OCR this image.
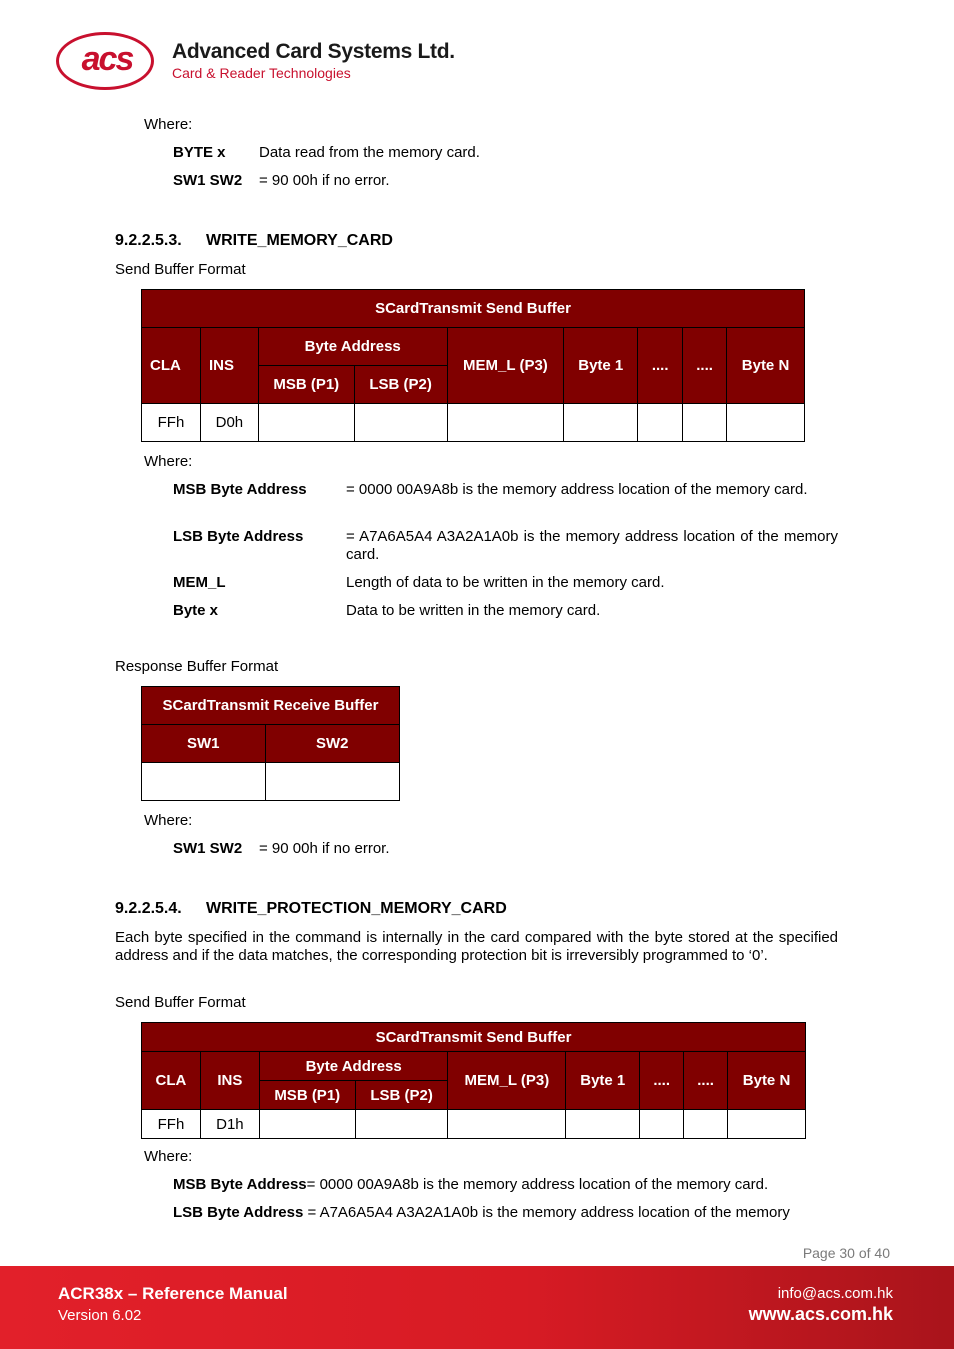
acs	Advanced Card Systems Ltd.
Card & Reader Technologies
Where:
BYTE x Data read from the memory card.
SW1 SW2 = 90 00h if no error.
9.2.2.5.3. WRITE_MEMORY_CARD
Send Buffer Format
SCardTransmit Send Buffer								
CLA	INS	Byte Address		MEM_L (P3)	Byte 1	....	....	Byte N
		MSB (P1)	LSB (P2)					
FFh	D0h							
Where:
MSB Byte Address	= 0000 00A9A8b is the memory address location of the memory card.
LSB Byte Address	= A7A6A5A4 A3A2A1A0b is the memory address location of the memory card.
MEM_L	Length of data to be written in the memory card.
Byte x	Data to be written in the memory card.
Response Buffer Format
SCardTransmit Receive Buffer	
SW1	SW2

Where:
SW1 SW2 = 90 00h if no error.
9.2.2.5.4. WRITE_PROTECTION_MEMORY_CARD
Each byte specified in the command is internally in the card compared with the byte stored at the specified address and if the data matches, the corresponding protection bit is irreversibly programmed to ‘0’.
Send Buffer Format
SCardTransmit Send Buffer								
CLA	INS	Byte Address		MEM_L (P3)	Byte 1	....	....	Byte N
		MSB (P1)	LSB (P2)					
FFh	D1h							
Where:
MSB Byte Address= 0000 00A9A8b is the memory address location of the memory card.
LSB Byte Address = A7A6A5A4 A3A2A1A0b is the memory address location of the memory
Page 30 of 40
ACR38x – Reference Manual
Version 6.02
info@acs.com.hk
www.acs.com.hk
